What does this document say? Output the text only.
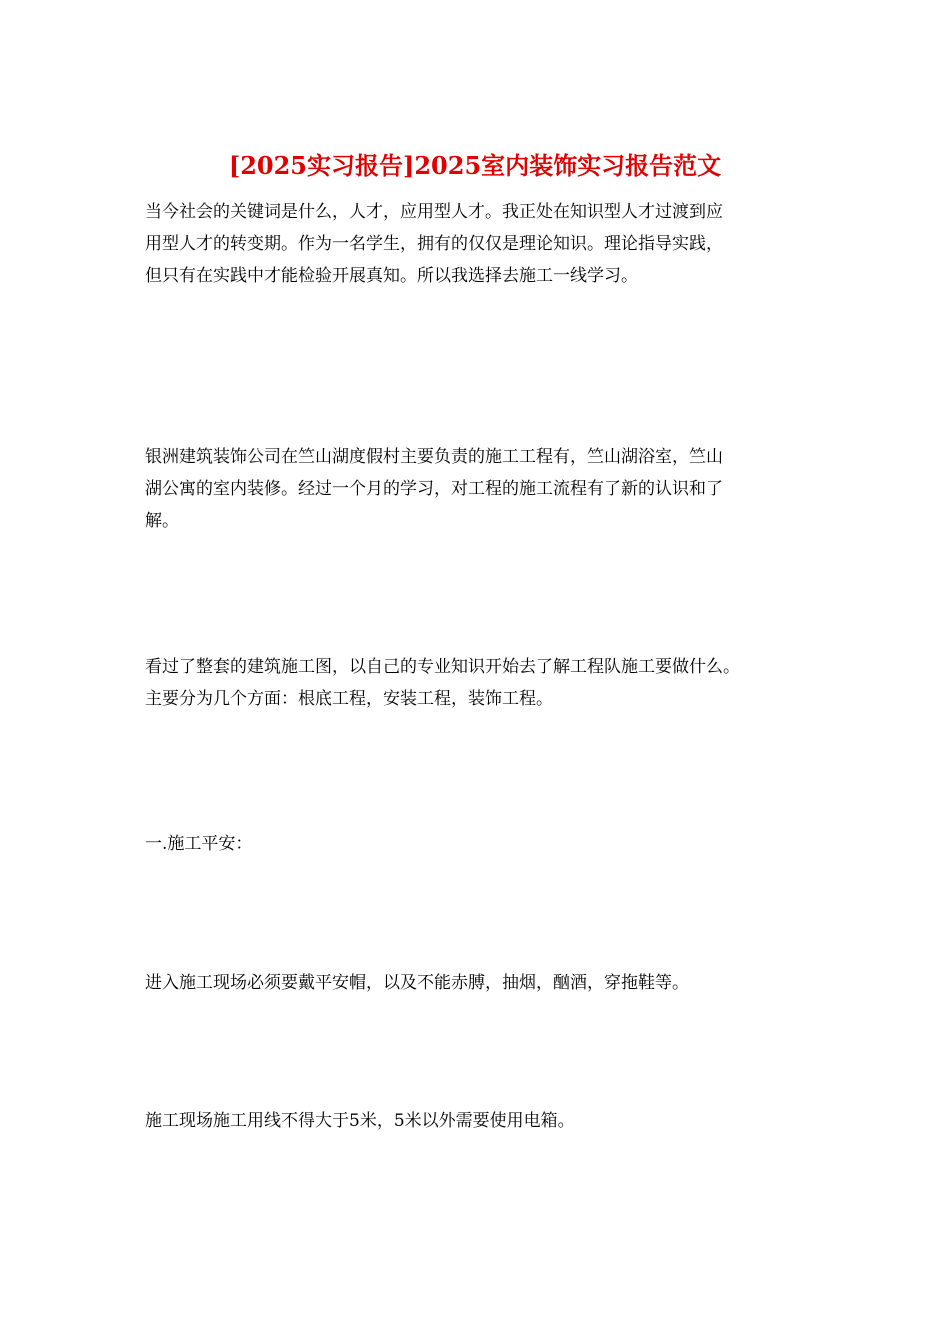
[2025实习报告]2025室内装饰实习报告范文
当今社会的关键词是什么，人才，应用型人才。我正处在知识型人才过渡到应
用型人才的转变期。作为一名学生，拥有的仅仅是理论知识。理论指导实践，
但只有在实践中才能检验开展真知。所以我选择去施工一线学习。
银洲建筑装饰公司在竺山湖度假村主要负责的施工工程有，竺山湖浴室，竺山
湖公寓的室内装修。经过一个月的学习，对工程的施工流程有了新的认识和了
解。
看过了整套的建筑施工图，以自己的专业知识开始去了解工程队施工要做什么。
主要分为几个方面：根底工程，安装工程，装饰工程。
一.施工平安：
进入施工现场必须要戴平安帽，以及不能赤膊，抽烟，酗酒，穿拖鞋等。
施工现场施工用线不得大于5米，5米以外需要使用电箱。
